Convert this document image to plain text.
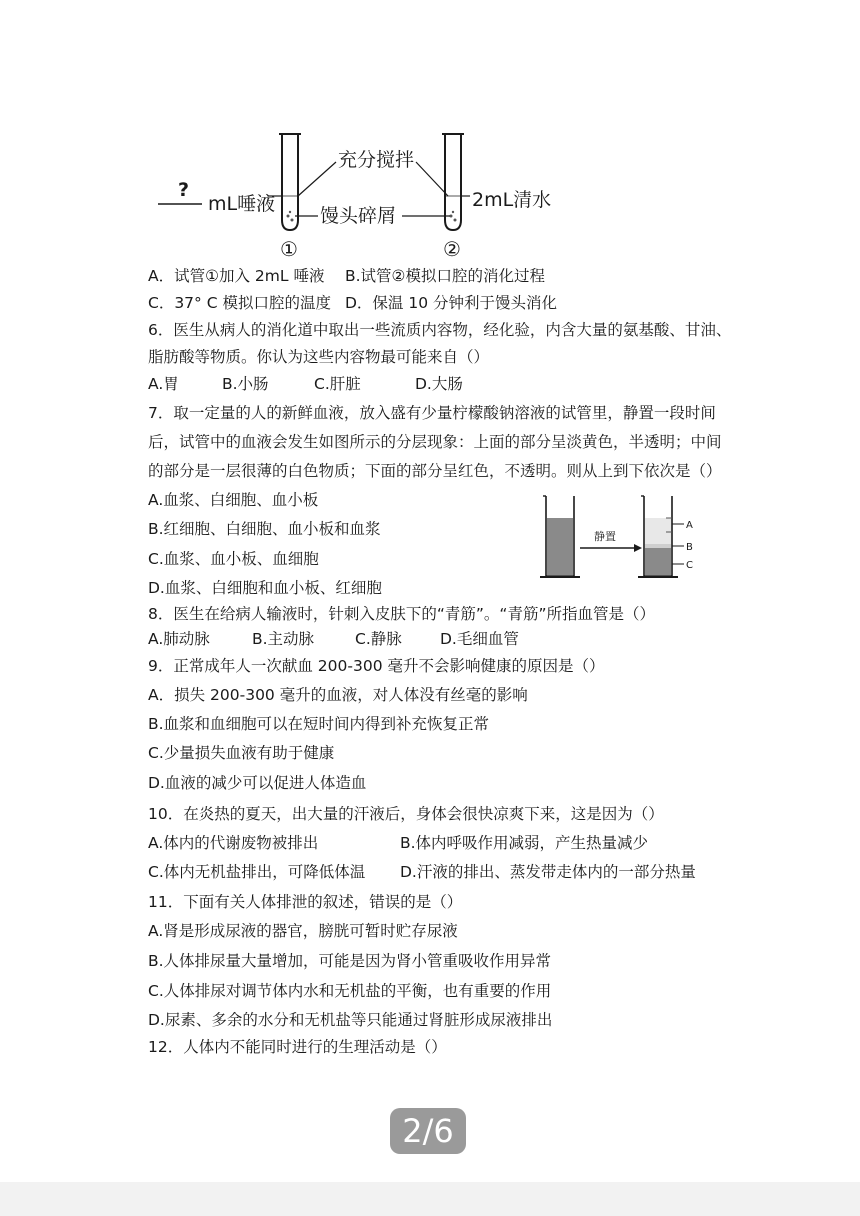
?
mL唾液
充分搅拌
馒头碎屑
2mL清水
①	②
A．试管①加入 2mL 唾液 B.试管②模拟口腔的消化过程
C．37° C 模拟口腔的温度 D．保温 10 分钟利于馒头消化
6．医生从病人的消化道中取出一些流质内容物，经化验，内含大量的氨基酸、甘油、
脂肪酸等物质。你认为这些内容物最可能来自（）
A.胃	B.小肠	C.肝脏	D.大肠
7．取一定量的人的新鲜血液，放入盛有少量柠檬酸钠溶液的试管里，静置一段时间
后，试管中的血液会发生如图所示的分层现象：上面的部分呈淡黄色，半透明；中间
的部分是一层很薄的白色物质；下面的部分呈红色，不透明。则从上到下依次是（）
A.血浆、白细胞、血小板
B.红细胞、白细胞、血小板和血浆
C.血浆、血小板、血细胞
D.血浆、白细胞和血小板、红细胞
静置
A
B
C
8．医生在给病人输液时，针刺入皮肤下的“青筋”。“青筋”所指血管是（）
A.肺动脉	B.主动脉	C.静脉 D.毛细血管
9．正常成年人一次献血 200-300 毫升不会影响健康的原因是（）
A．损失 200-300 毫升的血液，对人体没有丝毫的影响
B.血浆和血细胞可以在短时间内得到补充恢复正常
C.少量损失血液有助于健康
D.血液的减少可以促进人体造血
10．在炎热的夏天，出大量的汗液后，身体会很快凉爽下来，这是因为（）
A.体内的代谢废物被排出	B.体内呼吸作用减弱，产生热量减少
C.体内无机盐排出，可降低体温 D.汗液的排出、蒸发带走体内的一部分热量
11．下面有关人体排泄的叙述，错误的是（）
A.肾是形成尿液的器官，膀胱可暂时贮存尿液
B.人体排尿量大量增加，可能是因为肾小管重吸收作用异常
C.人体排尿对调节体内水和无机盐的平衡，也有重要的作用
D.尿素、多余的水分和无机盐等只能通过肾脏形成尿液排出
12．人体内不能同时进行的生理活动是（）
2/6
